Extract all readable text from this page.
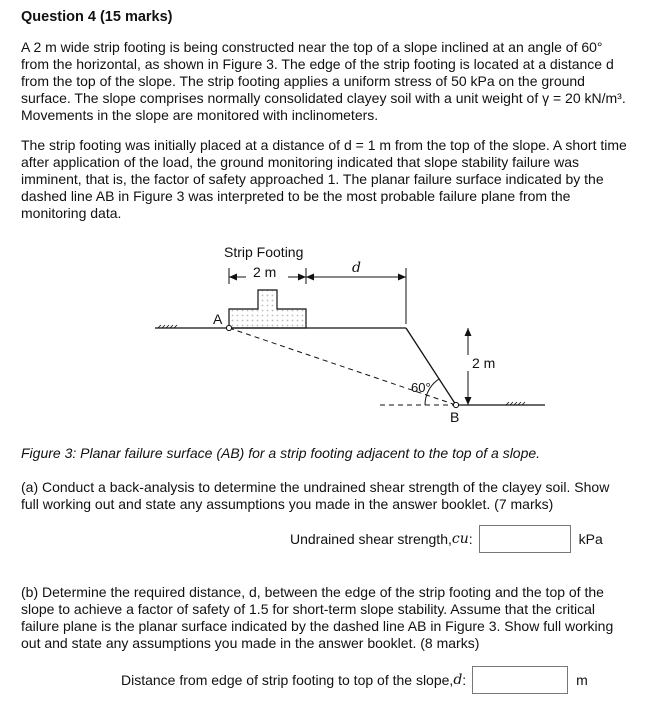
Question 4 (15 marks)
A 2 m wide strip footing is being constructed near the top of a slope inclined at an angle of 60° from the horizontal, as shown in Figure 3. The edge of the strip footing is located at a distance d from the top of the slope. The strip footing applies a uniform stress of 50 kPa on the ground surface. The slope comprises normally consolidated clayey soil with a unit weight of γ = 20 kN/m³. Movements in the slope are monitored with inclinometers.
The strip footing was initially placed at a distance of d = 1 m from the top of the slope. A short time after application of the load, the ground monitoring indicated that slope stability failure was imminent, that is, the factor of safety approached 1. The planar failure surface indicated by the dashed line AB in Figure 3 was interpreted to be the most probable failure plane from the monitoring data.
Strip Footing
2 m	d
2 m
60°
A
B
Figure 3: Planar failure surface (AB) for a strip footing adjacent to the top of a slope.
(a) Conduct a back-analysis to determine the undrained shear strength of the clayey soil. Show full working out and state any assumptions you made in the answer booklet. (7 marks)
Undrained shear strength, cu :	kPa
(b) Determine the required distance, d, between the edge of the strip footing and the top of the slope to achieve a factor of safety of 1.5 for short-term slope stability. Assume that the critical failure plane is the planar surface indicated by the dashed line AB in Figure 3. Show full working out and state any assumptions you made in the answer booklet. (8 marks)
Distance from edge of strip footing to top of the slope, d :	m
